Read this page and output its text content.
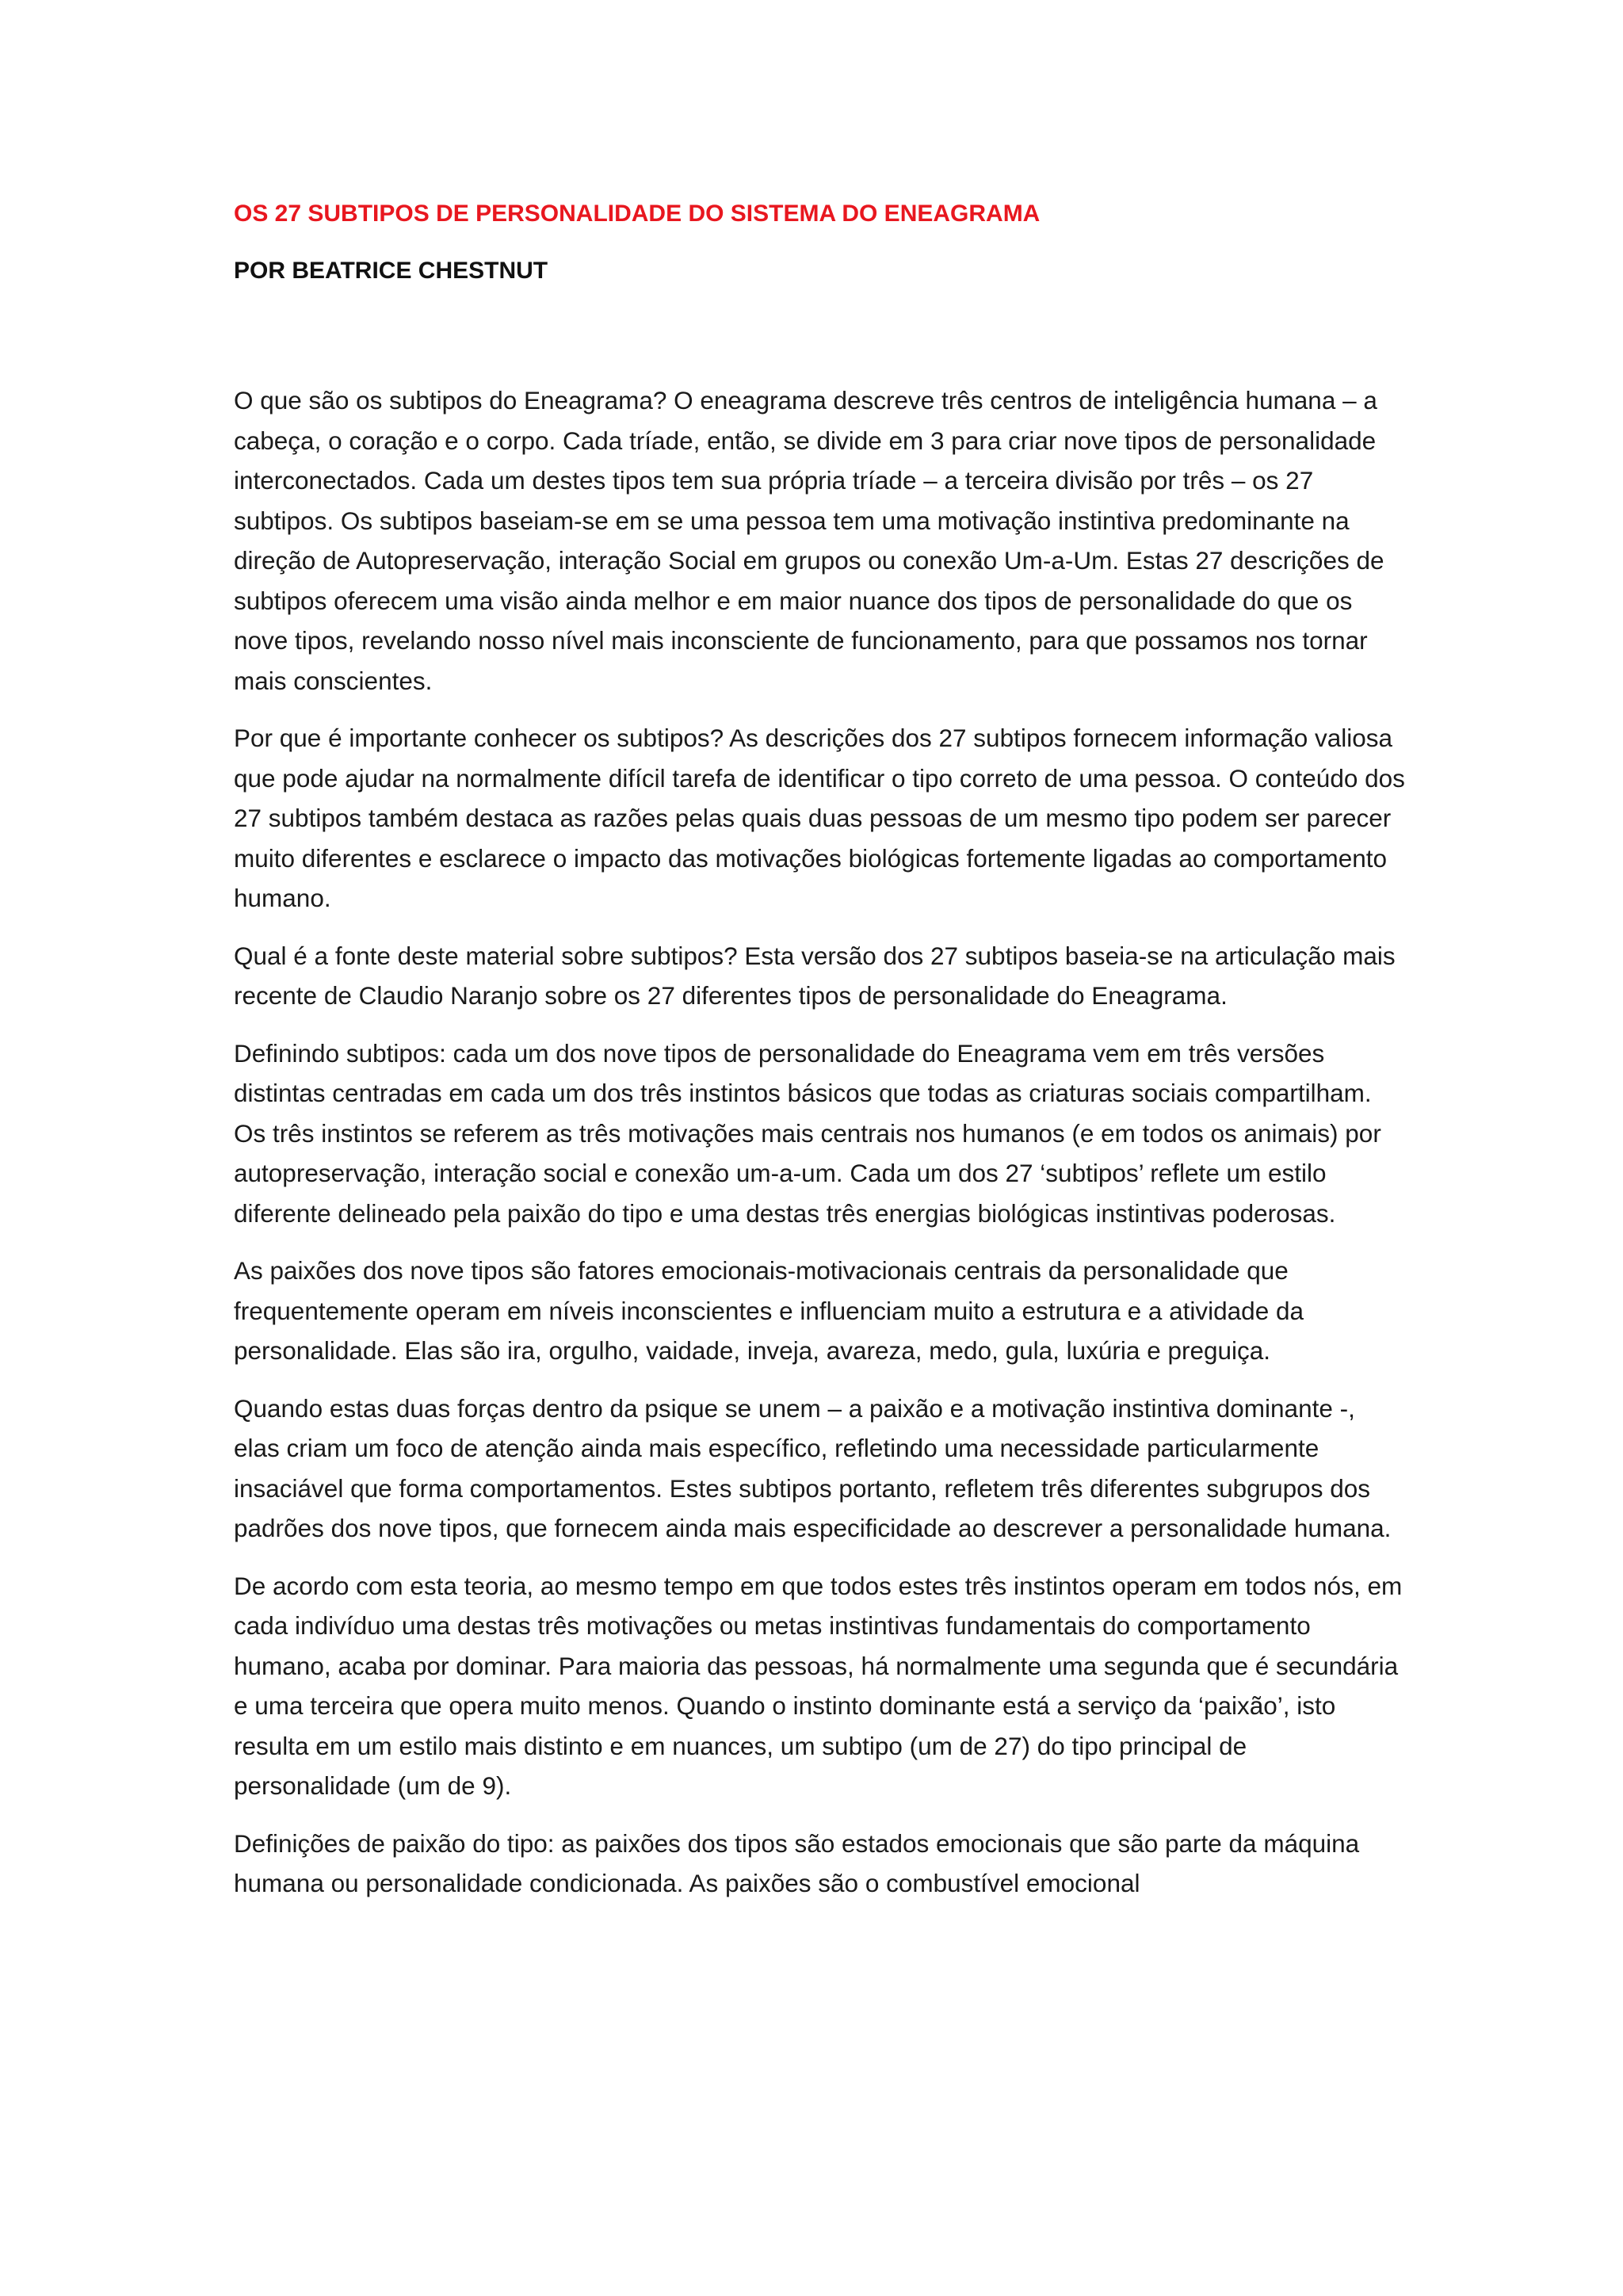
OS 27 SUBTIPOS DE PERSONALIDADE DO SISTEMA DO ENEAGRAMA
POR BEATRICE CHESTNUT

O que são os subtipos do Eneagrama? O eneagrama descreve três centros de inteligência humana – a cabeça, o coração e o corpo. Cada tríade, então, se divide em 3 para criar nove tipos de personalidade interconectados. Cada um destes tipos tem sua própria tríade – a terceira divisão por três – os 27 subtipos. Os subtipos baseiam-se em se uma pessoa tem uma motivação instintiva predominante na direção de Autopreservação, interação Social em grupos ou conexão Um-a-Um. Estas 27 descrições de subtipos oferecem uma visão ainda melhor e em maior nuance dos tipos de personalidade do que os nove tipos, revelando nosso nível mais inconsciente de funcionamento, para que possamos nos tornar mais conscientes.

Por que é importante conhecer os subtipos? As descrições dos 27 subtipos fornecem informação valiosa que pode ajudar na normalmente difícil tarefa de identificar o tipo correto de uma pessoa. O conteúdo dos 27 subtipos também destaca as razões pelas quais duas pessoas de um mesmo tipo podem ser parecer muito diferentes e esclarece o impacto das motivações biológicas fortemente ligadas ao comportamento humano.

Qual é a fonte deste material sobre subtipos? Esta versão dos 27 subtipos baseia-se na articulação mais recente de Claudio Naranjo sobre os 27 diferentes tipos de personalidade do Eneagrama.

Definindo subtipos: cada um dos nove tipos de personalidade do Eneagrama vem em três versões distintas centradas em cada um dos três instintos básicos que todas as criaturas sociais compartilham. Os três instintos se referem as três motivações mais centrais nos humanos (e em todos os animais) por autopreservação, interação social e conexão um-a-um. Cada um dos 27 ‘subtipos’ reflete um estilo diferente delineado pela paixão do tipo e uma destas três energias biológicas instintivas poderosas.

As paixões dos nove tipos são fatores emocionais-motivacionais centrais da personalidade que frequentemente operam em níveis inconscientes e influenciam muito a estrutura e a atividade da personalidade. Elas são ira, orgulho, vaidade, inveja, avareza, medo, gula, luxúria e preguiça.

Quando estas duas forças dentro da psique se unem – a paixão e a motivação instintiva dominante -, elas criam um foco de atenção ainda mais específico, refletindo uma necessidade particularmente insaciável que forma comportamentos. Estes subtipos portanto, refletem três diferentes subgrupos dos padrões dos nove tipos, que fornecem ainda mais especificidade ao descrever a personalidade humana.

De acordo com esta teoria, ao mesmo tempo em que todos estes três instintos operam em todos nós, em cada indivíduo uma destas três motivações ou metas instintivas fundamentais do comportamento humano, acaba por dominar. Para maioria das pessoas, há normalmente uma segunda que é secundária e uma terceira que opera muito menos. Quando o instinto dominante está a serviço da ‘paixão’, isto resulta em um estilo mais distinto e em nuances, um subtipo (um de 27) do tipo principal de personalidade (um de 9).

Definições de paixão do tipo: as paixões dos tipos são estados emocionais que são parte da máquina humana ou personalidade condicionada. As paixões são o combustível emocional
